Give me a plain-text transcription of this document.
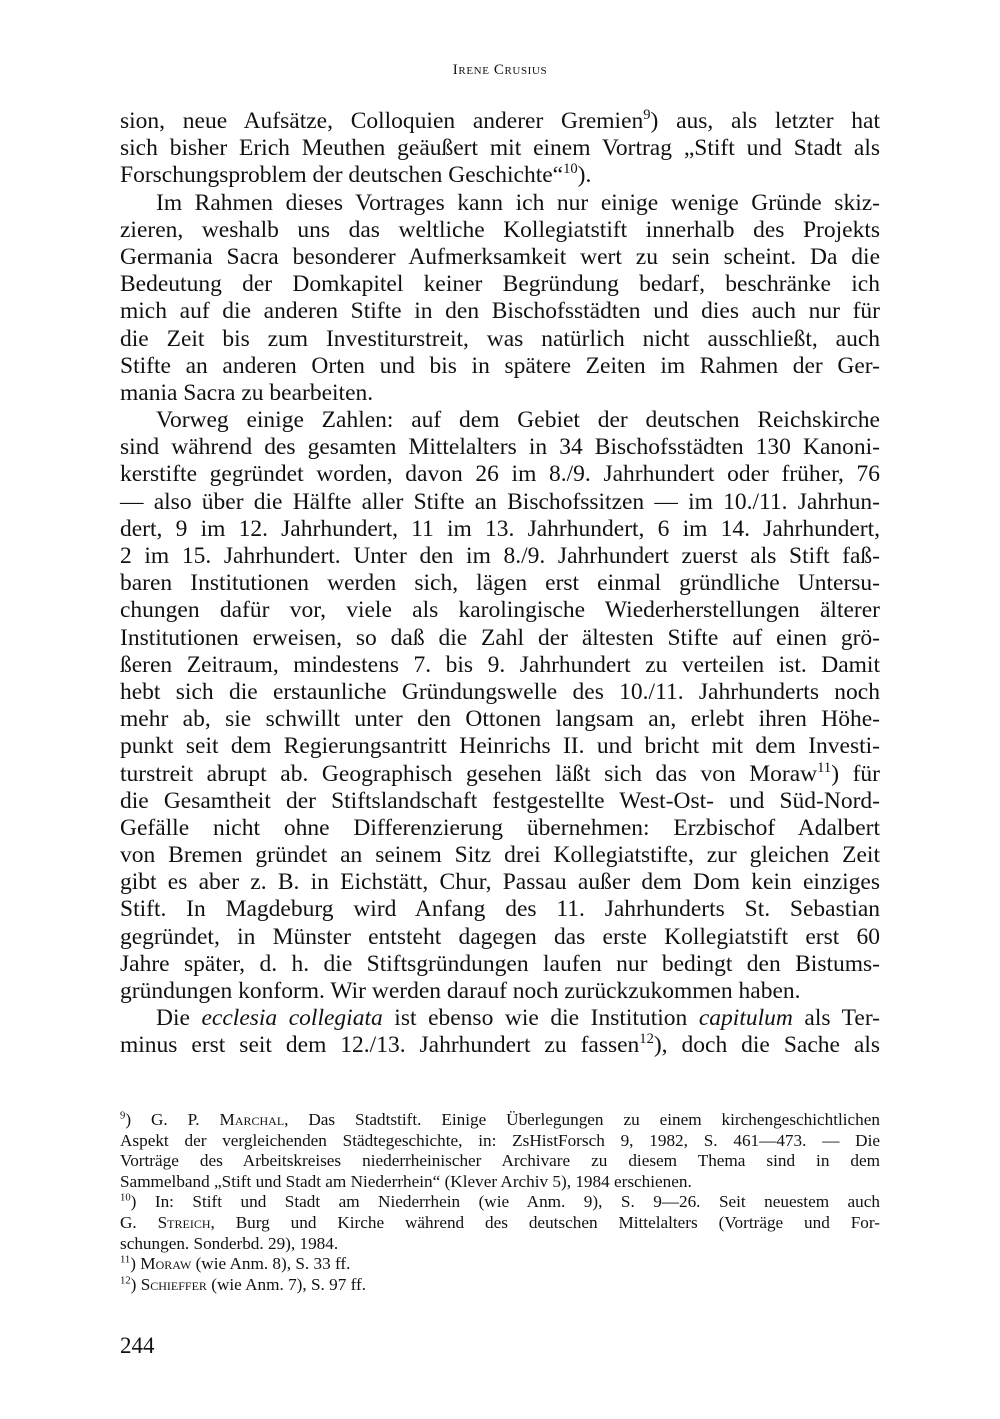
Irene Crusius
sion, neue Aufsätze, Colloquien anderer Gremien$^9$) aus, als letzter hat
sich bisher Erich Meuthen geäußert mit einem Vortrag „Stift und Stadt als
Forschungsproblem der deutschen Geschichte“$^{10}$).
Im Rahmen dieses Vortrages kann ich nur einige wenige Gründe skiz-
zieren, weshalb uns das weltliche Kollegiatstift innerhalb des Projekts
Germania Sacra besonderer Aufmerksamkeit wert zu sein scheint. Da die
Bedeutung der Domkapitel keiner Begründung bedarf, beschränke ich
mich auf die anderen Stifte in den Bischofsstädten und dies auch nur für
die Zeit bis zum Investiturstreit, was natürlich nicht ausschließt, auch
Stifte an anderen Orten und bis in spätere Zeiten im Rahmen der Ger-
mania Sacra zu bearbeiten.
Vorweg einige Zahlen: auf dem Gebiet der deutschen Reichskirche
sind während des gesamten Mittelalters in 34 Bischofsstädten 130 Kanoni-
kerstifte gegründet worden, davon 26 im 8./9. Jahrhundert oder früher, 76
— also über die Hälfte aller Stifte an Bischofssitzen — im 10./11. Jahrhun-
dert, 9 im 12. Jahrhundert, 11 im 13. Jahrhundert, 6 im 14. Jahrhundert,
2 im 15. Jahrhundert. Unter den im 8./9. Jahrhundert zuerst als Stift faß-
baren Institutionen werden sich, lägen erst einmal gründliche Untersu-
chungen dafür vor, viele als karolingische Wiederherstellungen älterer
Institutionen erweisen, so daß die Zahl der ältesten Stifte auf einen grö-
ßeren Zeitraum, mindestens 7. bis 9. Jahrhundert zu verteilen ist. Damit
hebt sich die erstaunliche Gründungswelle des 10./11. Jahrhunderts noch
mehr ab, sie schwillt unter den Ottonen langsam an, erlebt ihren Höhe-
punkt seit dem Regierungsantritt Heinrichs II. und bricht mit dem Investi-
turstreit abrupt ab. Geographisch gesehen läßt sich das von Moraw$^{11}$) für
die Gesamtheit der Stiftslandschaft festgestellte West-Ost- und Süd-Nord-
Gefälle nicht ohne Differenzierung übernehmen: Erzbischof Adalbert
von Bremen gründet an seinem Sitz drei Kollegiatstifte, zur gleichen Zeit
gibt es aber z. B. in Eichstätt, Chur, Passau außer dem Dom kein einziges
Stift. In Magdeburg wird Anfang des 11. Jahrhunderts St. Sebastian
gegründet, in Münster entsteht dagegen das erste Kollegiatstift erst 60
Jahre später, d. h. die Stiftsgründungen laufen nur bedingt den Bistums-
gründungen konform. Wir werden darauf noch zurückzukommen haben.
Die ecclesia collegiata ist ebenso wie die Institution capitulum als Ter-
minus erst seit dem 12./13. Jahrhundert zu fassen$^{12}$), doch die Sache als
$^9$) G. P. Marchal, Das Stadtstift. Einige Überlegungen zu einem kirchengeschichtlichen
Aspekt der vergleichenden Städtegeschichte, in: ZsHistForsch 9, 1982, S. 461—473. — Die
Vorträge des Arbeitskreises niederrheinischer Archivare zu diesem Thema sind in dem
Sammelband „Stift und Stadt am Niederrhein“ (Klever Archiv 5), 1984 erschienen.
$^{10}$) In: Stift und Stadt am Niederrhein (wie Anm. 9), S. 9—26. Seit neuestem auch
G. Streich, Burg und Kirche während des deutschen Mittelalters (Vorträge und For-
schungen. Sonderbd. 29), 1984.
$^{11}$) Moraw (wie Anm. 8), S. 33 ff.
$^{12}$) Schieffer (wie Anm. 7), S. 97 ff.
244
